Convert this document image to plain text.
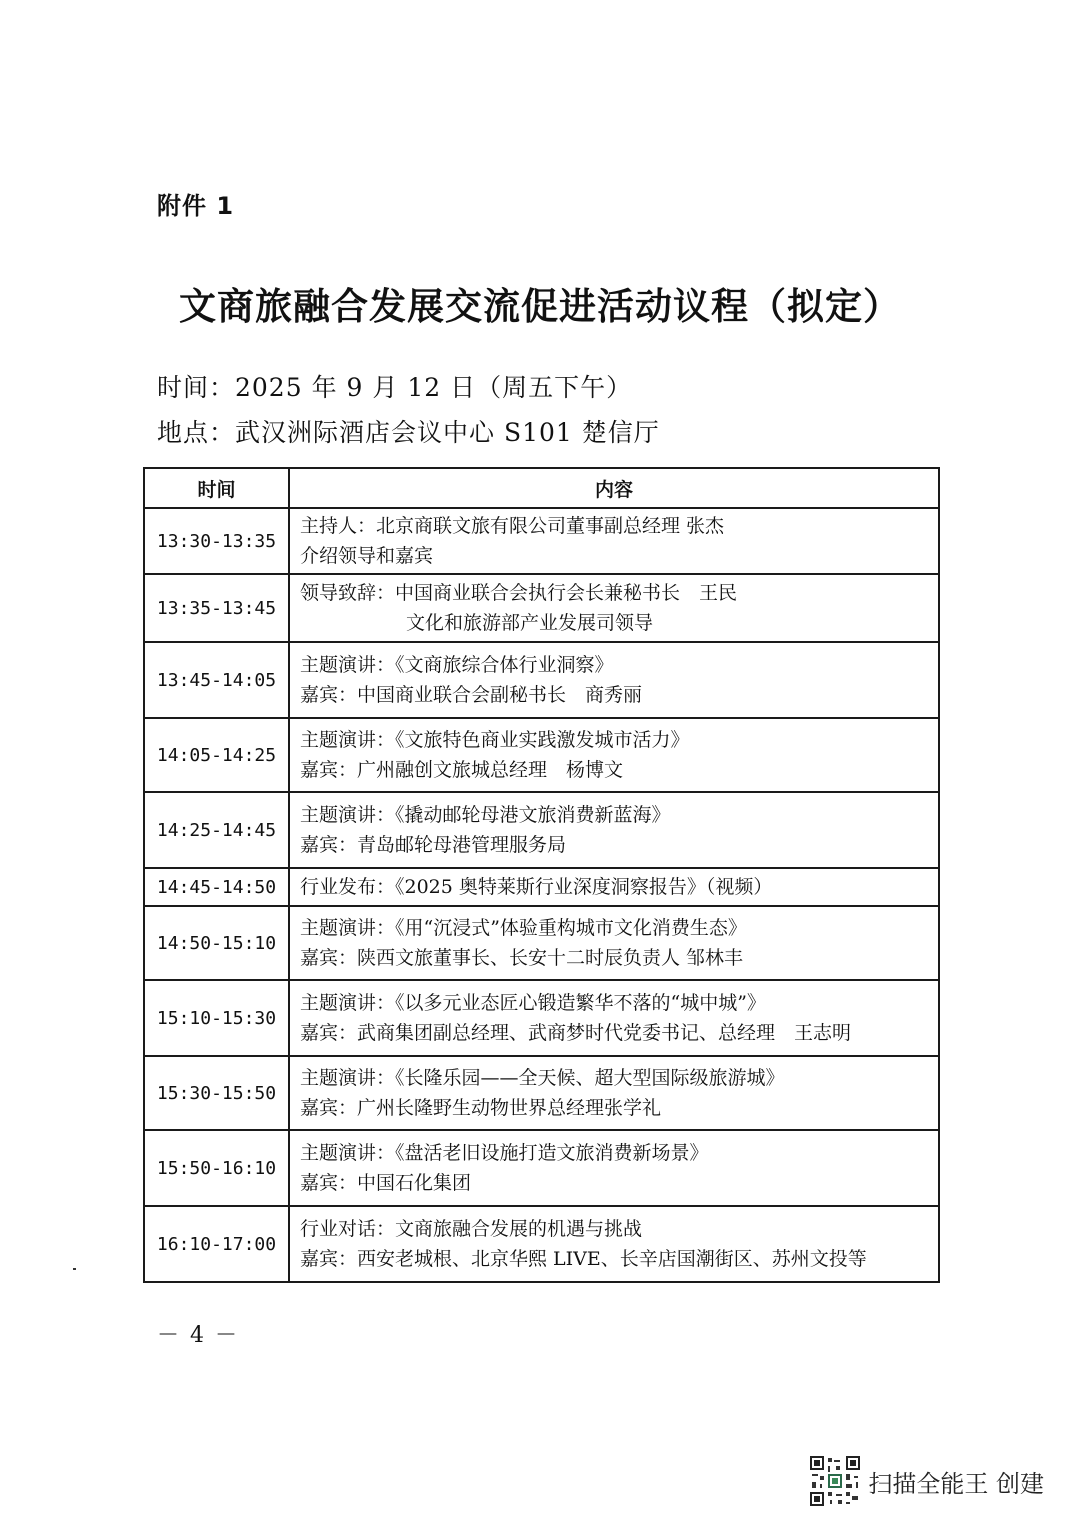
附件 1
文商旅融合发展交流促进活动议程（拟定）
时间：2025 年 9 月 12 日（周五下午）
地点：武汉洲际酒店会议中心 S101 楚信厅
时间	内容
13:30-13:35	主持人：北京商联文旅有限公司董事副总经理 张杰
介绍领导和嘉宾

13:35-13:45	领导致辞：中国商业联合会执行会长兼秘书长　王民
文化和旅游部产业发展司领导

13:45-14:05	主题演讲：《文商旅综合体行业洞察》
嘉宾：中国商业联合会副秘书长　商秀丽

14:05-14:25	主题演讲：《文旅特色商业实践激发城市活力》
嘉宾：广州融创文旅城总经理　杨博文

14:25-14:45	主题演讲：《撬动邮轮母港文旅消费新蓝海》
嘉宾：青岛邮轮母港管理服务局

14:45-14:50	行业发布：《2025 奥特莱斯行业深度洞察报告》（视频）

14:50-15:10	主题演讲：《用“沉浸式”体验重构城市文化消费生态》
嘉宾：陕西文旅董事长、长安十二时辰负责人 邹林丰

15:10-15:30	主题演讲：《以多元业态匠心锻造繁华不落的“城中城”》
嘉宾：武商集团副总经理、武商梦时代党委书记、总经理　王志明

15:30-15:50	主题演讲：《长隆乐园——全天候、超大型国际级旅游城》
嘉宾：广州长隆野生动物世界总经理张学礼

15:50-16:10	主题演讲：《盘活老旧设施打造文旅消费新场景》
嘉宾：中国石化集团

16:10-17:00	行业对话：文商旅融合发展的机遇与挑战
嘉宾：西安老城根、北京华熙 LIVE、长辛店国潮街区、苏州文投等
－ 4 －
扫描全能王 创建
